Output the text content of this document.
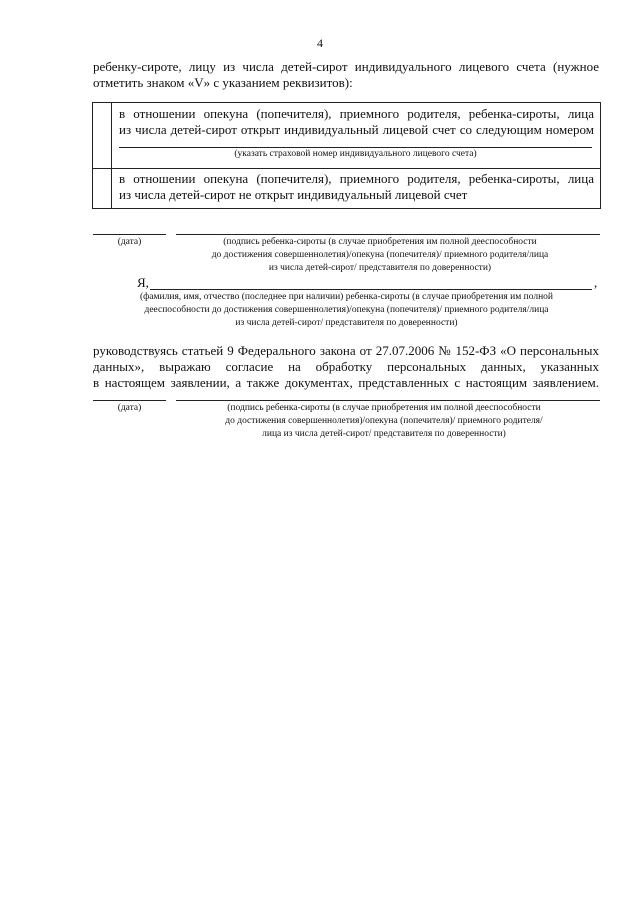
4
ребенку-сироте, лицу из числа детей-сирот индивидуального лицевого счета (нужное
отметить знаком «V» с указанием реквизитов):
в отношении опекуна (попечителя), приемного родителя, ребенка-сироты, лица
из числа детей-сирот открыт индивидуальный лицевой счет со следующим номером
(указать страховой номер индивидуального лицевого счета)
в отношении опекуна (попечителя), приемного родителя, ребенка-сироты, лица
из числа детей-сирот не открыт индивидуальный лицевой счет
(дата)	(подпись ребенка-сироты (в случае приобретения им полной дееспособности
до достижения совершеннолетия)/опекуна (попечителя)/ приемного родителя/лица
из числа детей-сирот/ представителя по доверенности)
Я,	,
(фамилия, имя, отчество (последнее при наличии) ребенка-сироты (в случае приобретения им полной
дееспособности до достижения совершеннолетия)/опекуна (попечителя)/ приемного родителя/лица
из числа детей-сирот/ представителя по доверенности)
руководствуясь статьей 9 Федерального закона от 27.07.2006 № 152-ФЗ «О персональных
данных», выражаю согласие на обработку персональных данных, указанных
в настоящем заявлении, а также документах, представленных с настоящим заявлением.
(дата)	(подпись ребенка-сироты (в случае приобретения им полной дееспособности
до достижения совершеннолетия)/опекуна (попечителя)/ приемного родителя/
лица из числа детей-сирот/ представителя по доверенности)
